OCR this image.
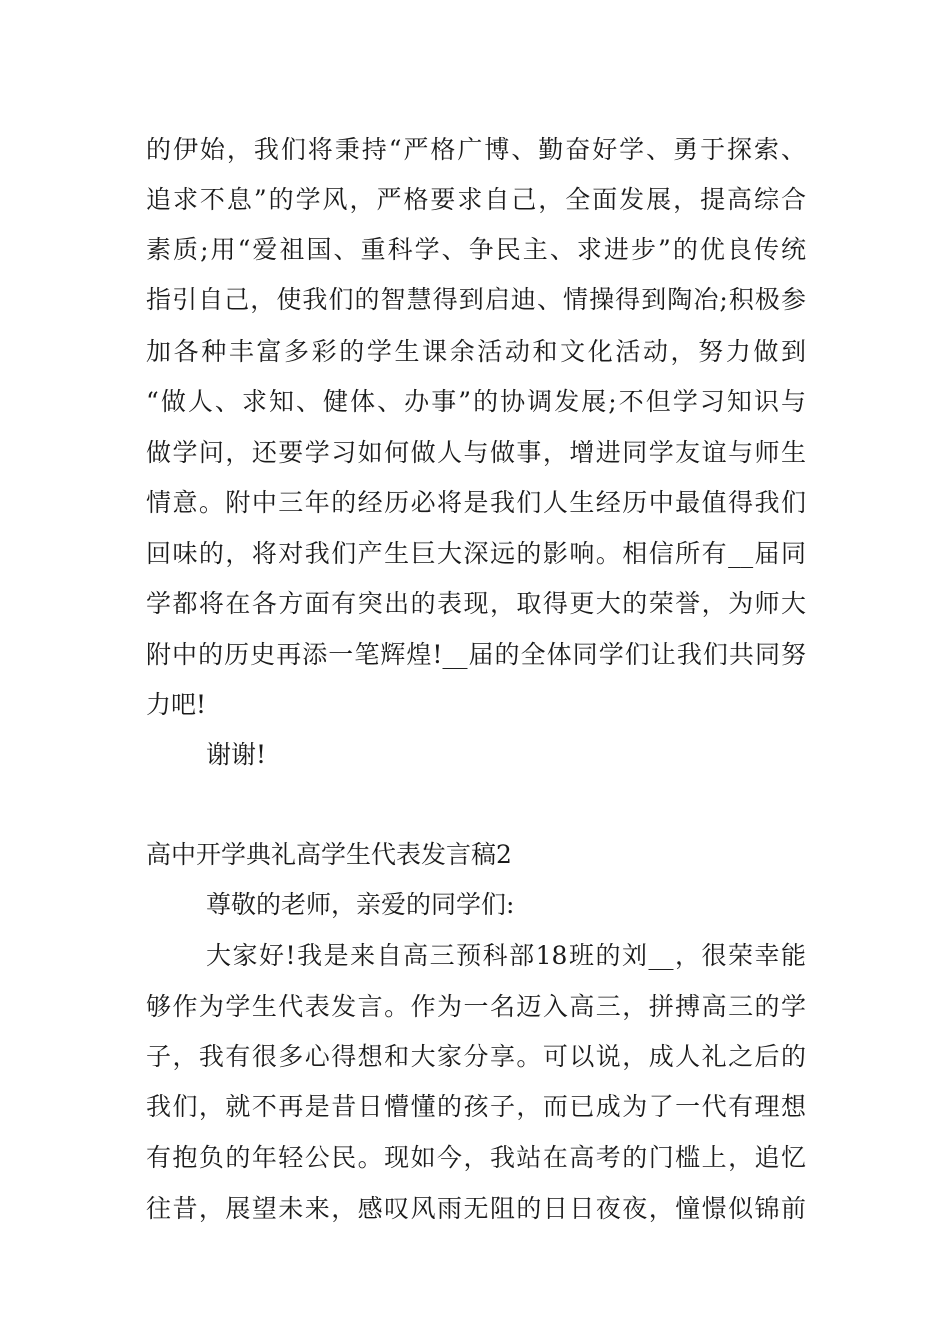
的伊始，我们将秉持“严格广博、勤奋好学、勇于探索、
追求不息”的学风，严格要求自己，全面发展，提高综合
素质;用“爱祖国、重科学、争民主、求进步”的优良传统
指引自己，使我们的智慧得到启迪、情操得到陶冶;积极参
加各种丰富多彩的学生课余活动和文化活动，努力做到
“做人、求知、健体、办事”的协调发展;不但学习知识与
做学问，还要学习如何做人与做事，增进同学友谊与师生
情意。附中三年的经历必将是我们人生经历中最值得我们
回味的，将对我们产生巨大深远的影响。相信所有__届同
学都将在各方面有突出的表现，取得更大的荣誉，为师大
附中的历史再添一笔辉煌!__届的全体同学们让我们共同努
力吧!
谢谢!
高中开学典礼高学生代表发言稿2
尊敬的老师，亲爱的同学们:
大家好!我是来自高三预科部18班的刘__，很荣幸能
够作为学生代表发言。作为一名迈入高三，拼搏高三的学
子，我有很多心得想和大家分享。可以说，成人礼之后的
我们，就不再是昔日懵懂的孩子，而已成为了一代有理想
有抱负的年轻公民。现如今，我站在高考的门槛上，追忆
往昔，展望未来，感叹风雨无阻的日日夜夜，憧憬似锦前
